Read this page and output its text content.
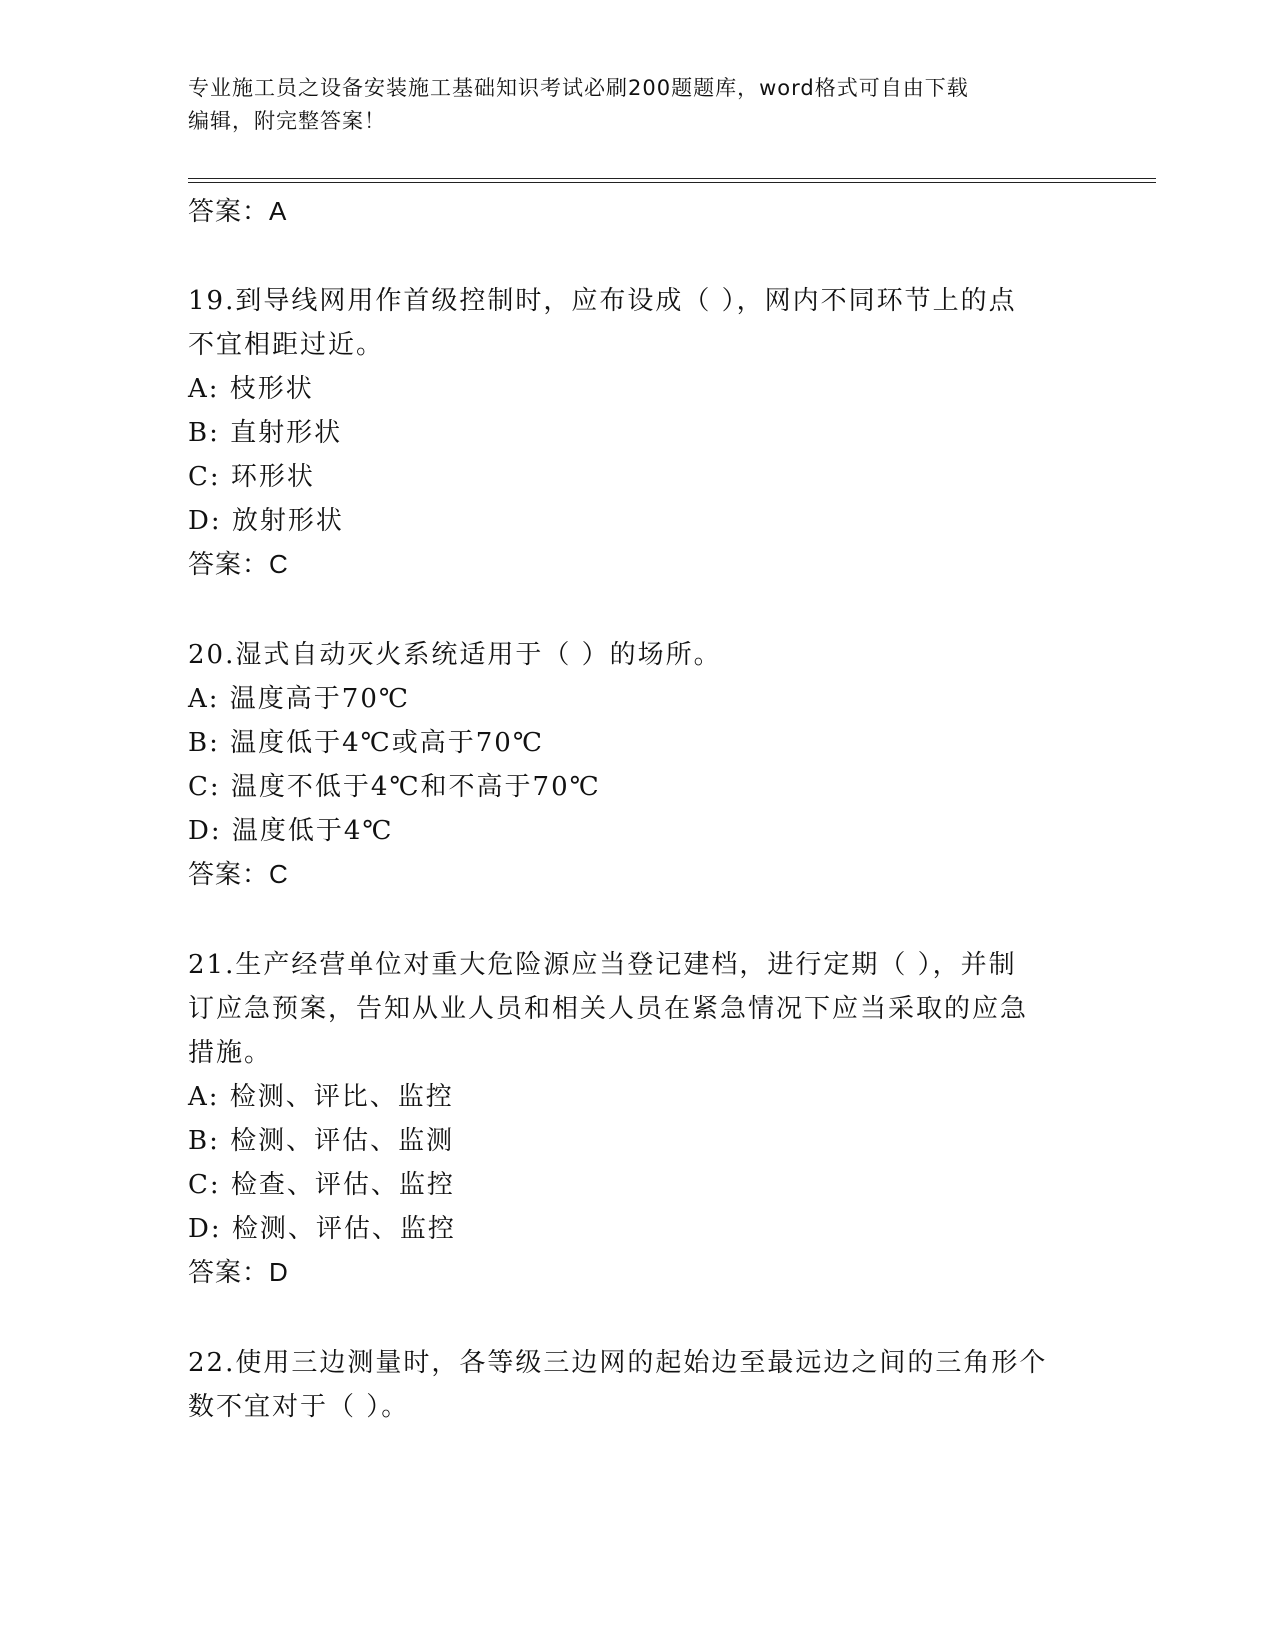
专业施工员之设备安装施工基础知识考试必刷200题题库，word格式可自由下载
编辑，附完整答案！
答案：A
19.到导线网用作首级控制时，应布设成（ ），网内不同环节上的点
不宜相距过近。
A: 枝形状
B: 直射形状
C: 环形状
D: 放射形状
答案：C
20.湿式自动灭火系统适用于（ ）的场所。
A: 温度高于70℃
B: 温度低于4℃或高于70℃
C: 温度不低于4℃和不高于70℃
D: 温度低于4℃
答案：C
21.生产经营单位对重大危险源应当登记建档，进行定期（ ），并制
订应急预案，告知从业人员和相关人员在紧急情况下应当采取的应急
措施。
A: 检测、评比、监控
B: 检测、评估、监测
C: 检查、评估、监控
D: 检测、评估、监控
答案：D
22.使用三边测量时，各等级三边网的起始边至最远边之间的三角形个
数不宜对于（ ）。
